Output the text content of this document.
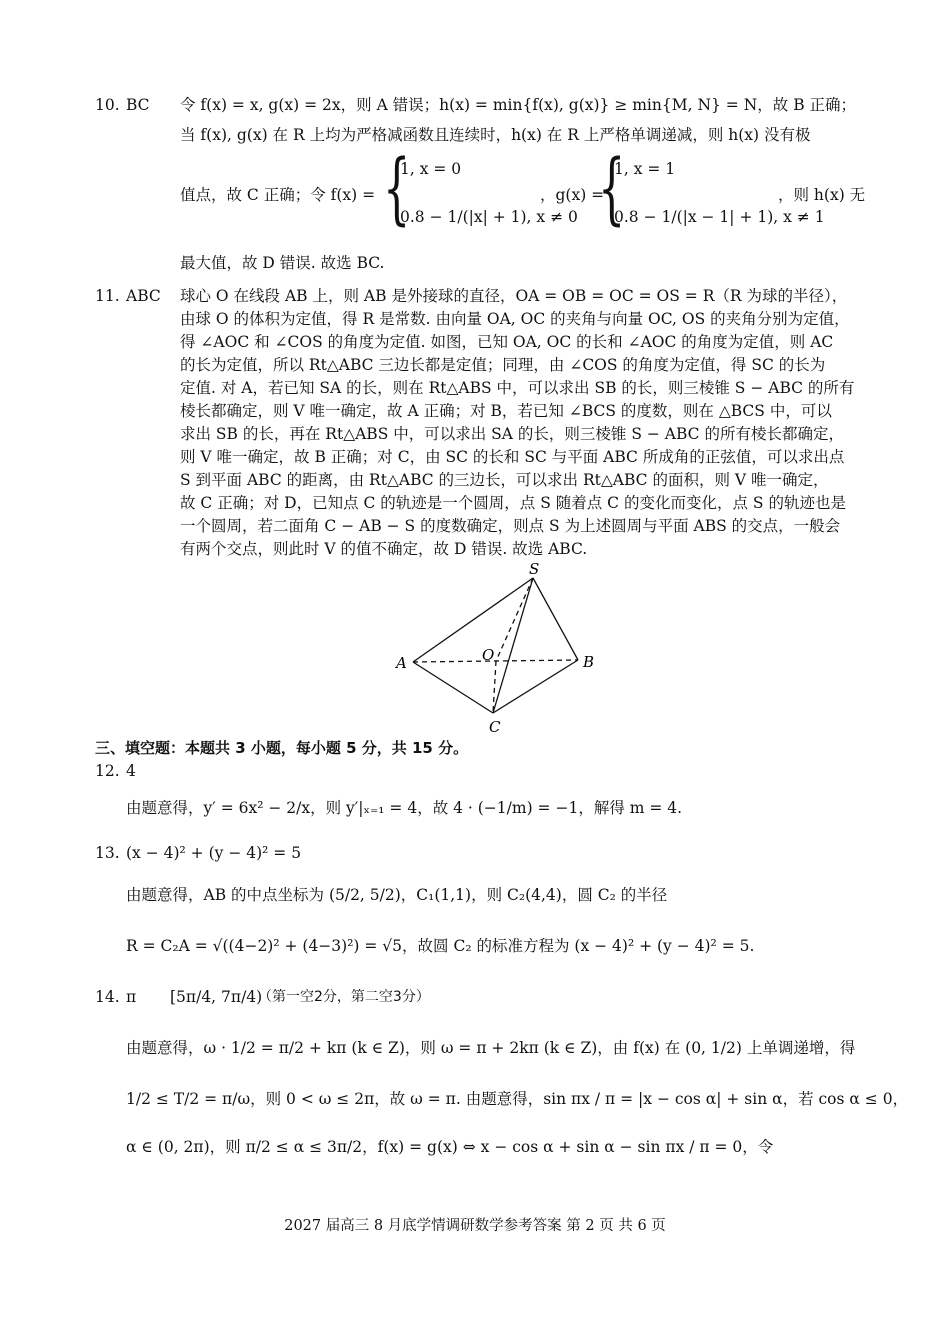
10. BC 令 f(x) = x, g(x) = 2x，则 A 错误；h(x) = min{f(x), g(x)} ≥ min{M, N} = N，故 B 正确；
当 f(x), g(x) 在 R 上均为严格减函数且连续时，h(x) 在 R 上严格单调递减，则 h(x) 没有极
值点，故 C 正确；令 f(x) = {
1, x = 0
0.8 − 1/(|x| + 1), x ≠ 0
，g(x) =
{
1, x = 1
0.8 − 1/(|x − 1| + 1), x ≠ 1
，则 h(x) 无
最大值，故 D 错误. 故选 BC.
11. ABC 球心 O 在线段 AB 上，则 AB 是外接球的直径，OA = OB = OC = OS = R（R 为球的半径），
由球 O 的体积为定值，得 R 是常数. 由向量 OA, OC 的夹角与向量 OC, OS 的夹角分别为定值，
得 ∠AOC 和 ∠COS 的角度为定值. 如图，已知 OA, OC 的长和 ∠AOC 的角度为定值，则 AC
的长为定值，所以 Rt△ABC 三边长都是定值；同理，由 ∠COS 的角度为定值，得 SC 的长为
定值. 对 A，若已知 SA 的长，则在 Rt△ABS 中，可以求出 SB 的长，则三棱锥 S − ABC 的所有
棱长都确定，则 V 唯一确定，故 A 正确；对 B，若已知 ∠BCS 的度数，则在 △BCS 中，可以
求出 SB 的长，再在 Rt△ABS 中，可以求出 SA 的长，则三棱锥 S − ABC 的所有棱长都确定，
则 V 唯一确定，故 B 正确；对 C，由 SC 的长和 SC 与平面 ABC 所成角的正弦值，可以求出点
S 到平面 ABC 的距离，由 Rt△ABC 的三边长，可以求出 Rt△ABC 的面积，则 V 唯一确定，
故 C 正确；对 D，已知点 C 的轨迹是一个圆周，点 S 随着点 C 的变化而变化，点 S 的轨迹也是
一个圆周，若二面角 C − AB − S 的度数确定，则点 S 为上述圆周与平面 ABS 的交点，一般会
有两个交点，则此时 V 的值不确定，故 D 错误. 故选 ABC.
S
A	B
C
O
三、填空题：本题共 3 小题，每小题 5 分，共 15 分。
12. 4
由题意得，y′ = 6x² − 2/x，则 y′|ₓ₌₁ = 4，故 4 · (−1/m) = −1，解得 m = 4.
13. (x − 4)² + (y − 4)² = 5
由题意得，AB 的中点坐标为 (5/2, 5/2)，C₁(1,1)，则 C₂(4,4)，圆 C₂ 的半径
R = C₂A = √((4−2)² + (4−3)²) = √5，故圆 C₂ 的标准方程为 (x − 4)² + (y − 4)² = 5.
14. π [5π/4, 7π/4)
（第一空2分，第二空3分）
由题意得，ω · 1/2 = π/2 + kπ (k ∈ Z)，则 ω = π + 2kπ (k ∈ Z)，由 f(x) 在 (0, 1/2) 上单调递增，得
1/2 ≤ T/2 = π/ω，则 0 < ω ≤ 2π，故 ω = π. 由题意得，sin πx / π = |x − cos α| + sin α，若 cos α ≤ 0，
α ∈ (0, 2π)，则 π/2 ≤ α ≤ 3π/2，f(x) = g(x) ⇔ x − cos α + sin α − sin πx / π = 0，令
2027 届高三 8 月底学情调研数学参考答案 第 2 页 共 6 页
